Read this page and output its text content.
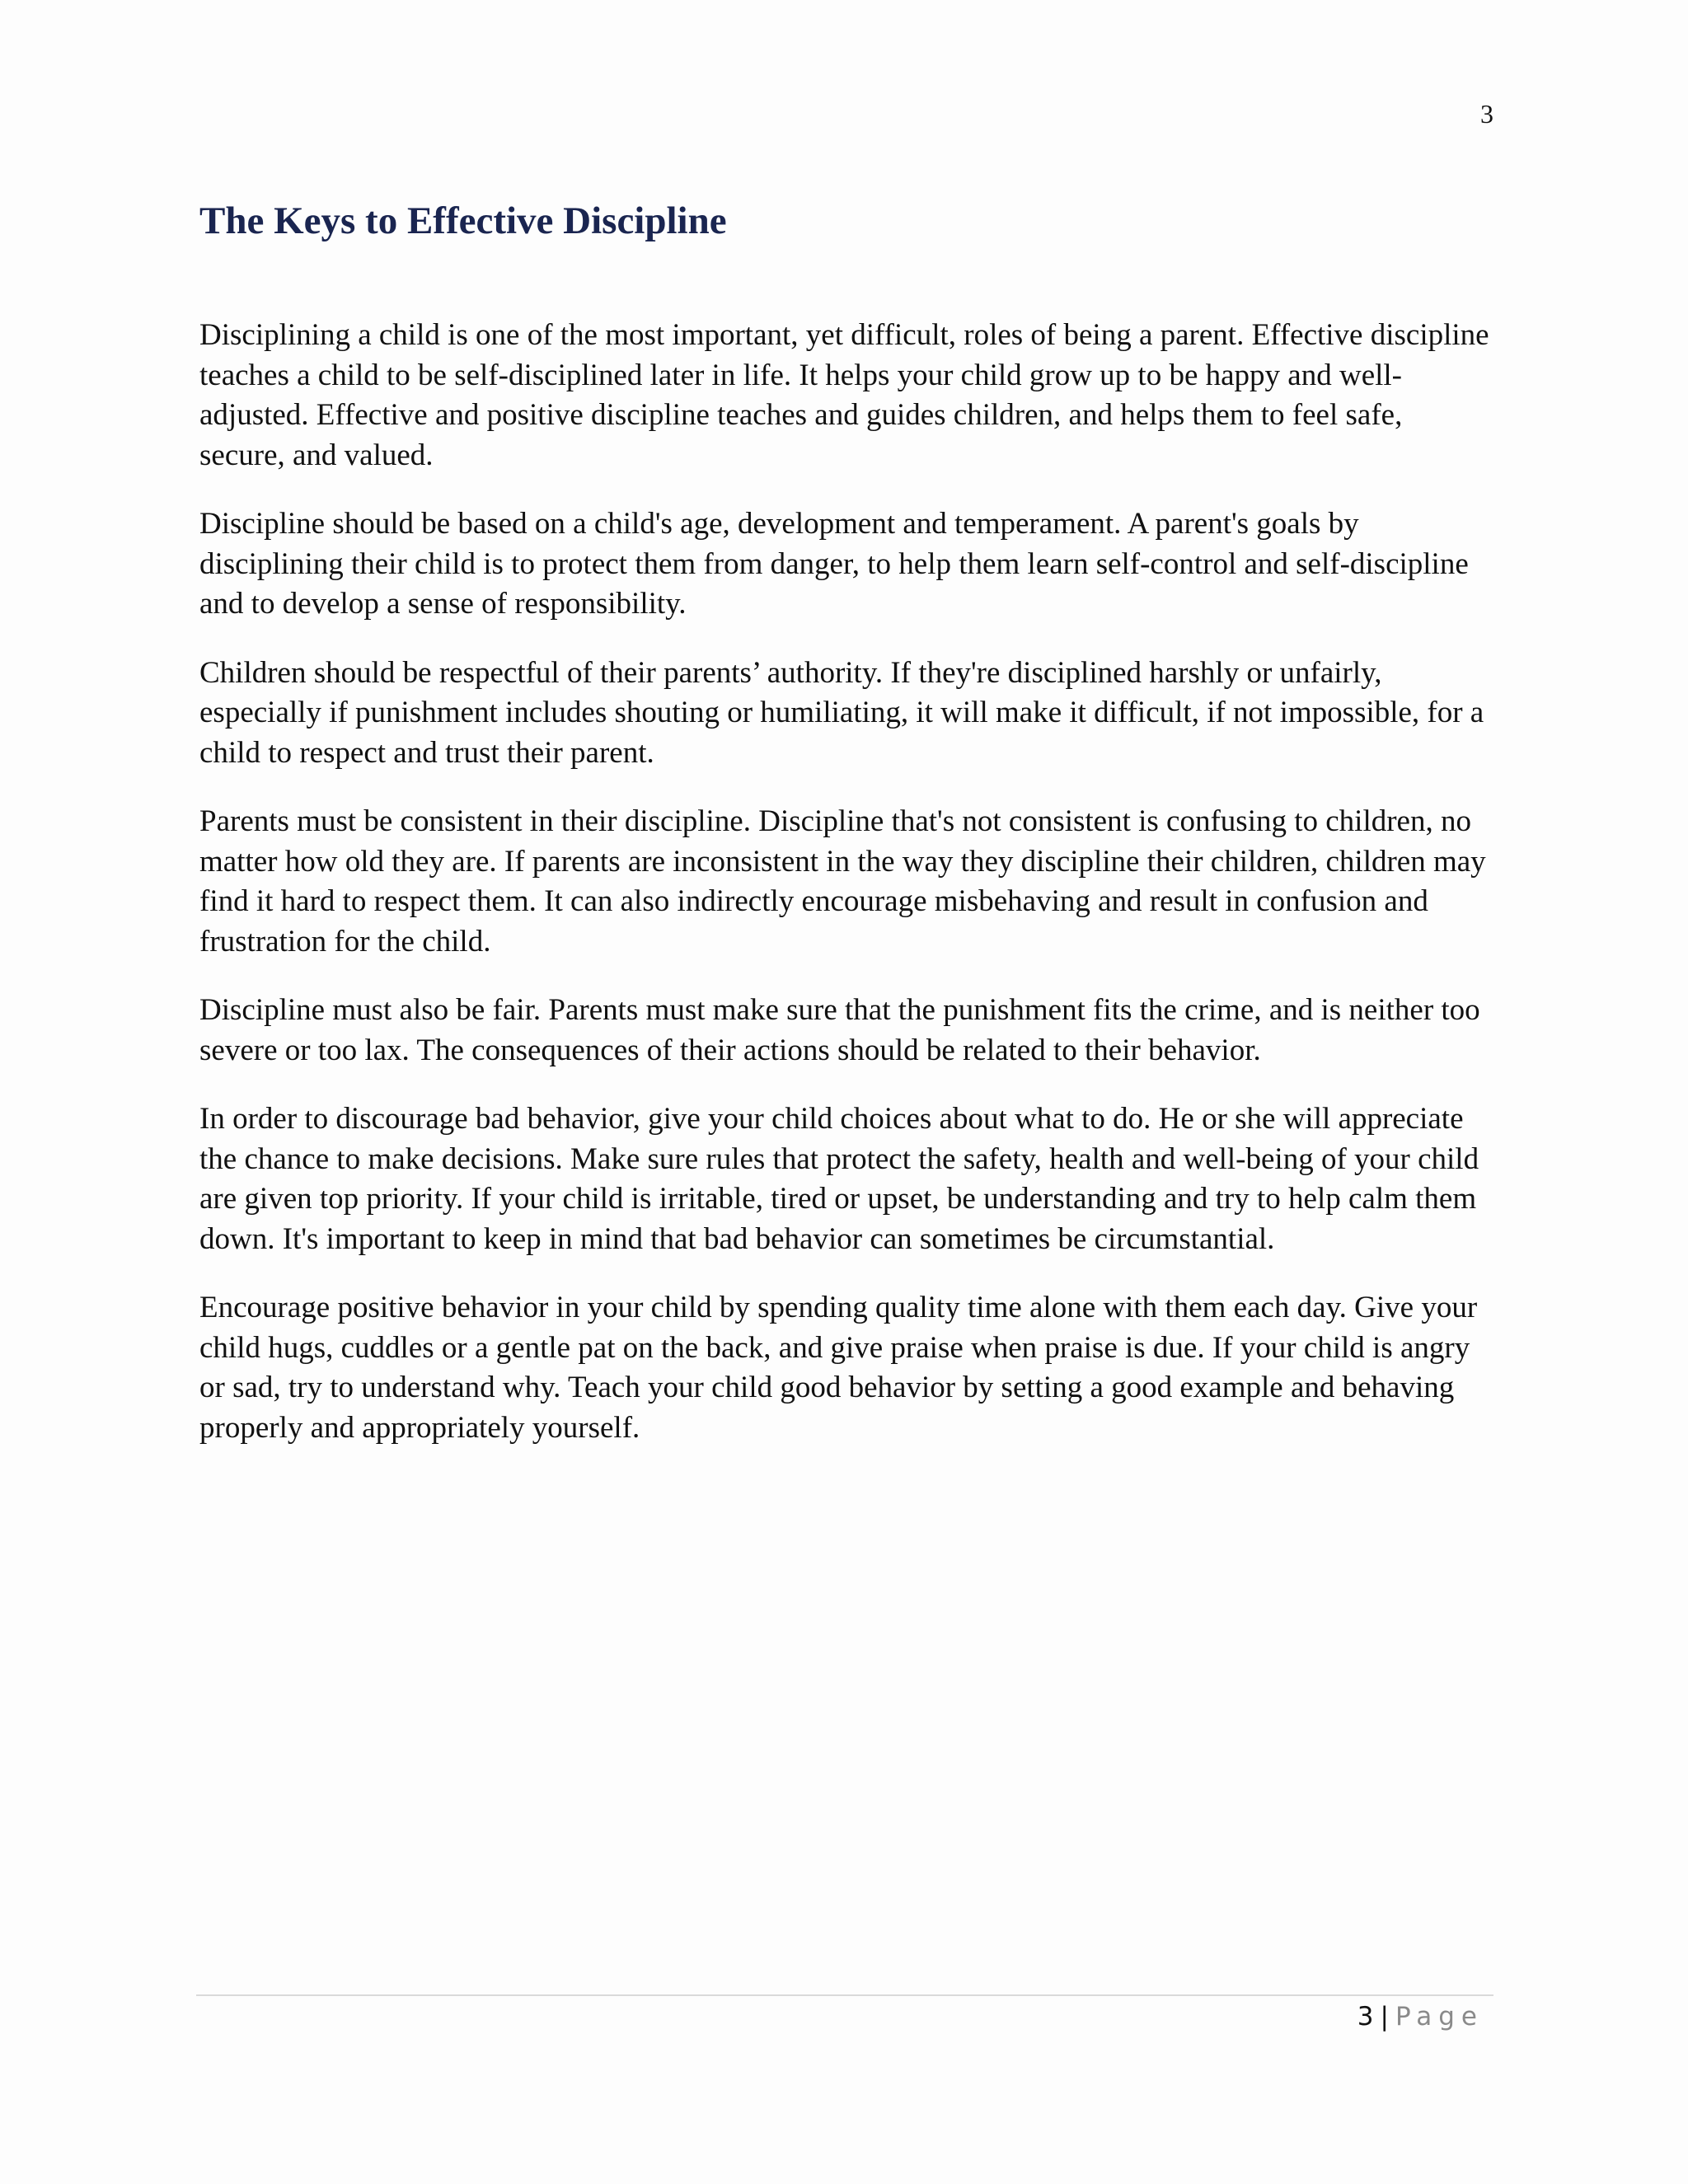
3
The Keys to Effective Discipline

Disciplining a child is one of the most important, yet difficult, roles of being a parent. Effective discipline teaches a child to be self-disciplined later in life. It helps your child grow up to be happy and well-adjusted. Effective and positive discipline teaches and guides children, and helps them to feel safe, secure, and valued.

Discipline should be based on a child's age, development and temperament. A parent's goals by disciplining their child is to protect them from danger, to help them learn self-control and self-discipline and to develop a sense of responsibility.

Children should be respectful of their parents’ authority. If they're disciplined harshly or unfairly, especially if punishment includes shouting or humiliating, it will make it difficult, if not impossible, for a child to respect and trust their parent.

Parents must be consistent in their discipline. Discipline that's not consistent is confusing to children, no matter how old they are. If parents are inconsistent in the way they discipline their children, children may find it hard to respect them. It can also indirectly encourage misbehaving and result in confusion and frustration for the child.

Discipline must also be fair. Parents must make sure that the punishment fits the crime, and is neither too severe or too lax. The consequences of their actions should be related to their behavior.

In order to discourage bad behavior, give your child choices about what to do. He or she will appreciate the chance to make decisions. Make sure rules that protect the safety, health and well-being of your child are given top priority. If your child is irritable, tired or upset, be understanding and try to help calm them down. It's important to keep in mind that bad behavior can sometimes be circumstantial.

Encourage positive behavior in your child by spending quality time alone with them each day. Give your child hugs, cuddles or a gentle pat on the back, and give praise when praise is due. If your child is angry or sad, try to understand why. Teach your child good behavior by setting a good example and behaving properly and appropriately yourself.

3 | Page
